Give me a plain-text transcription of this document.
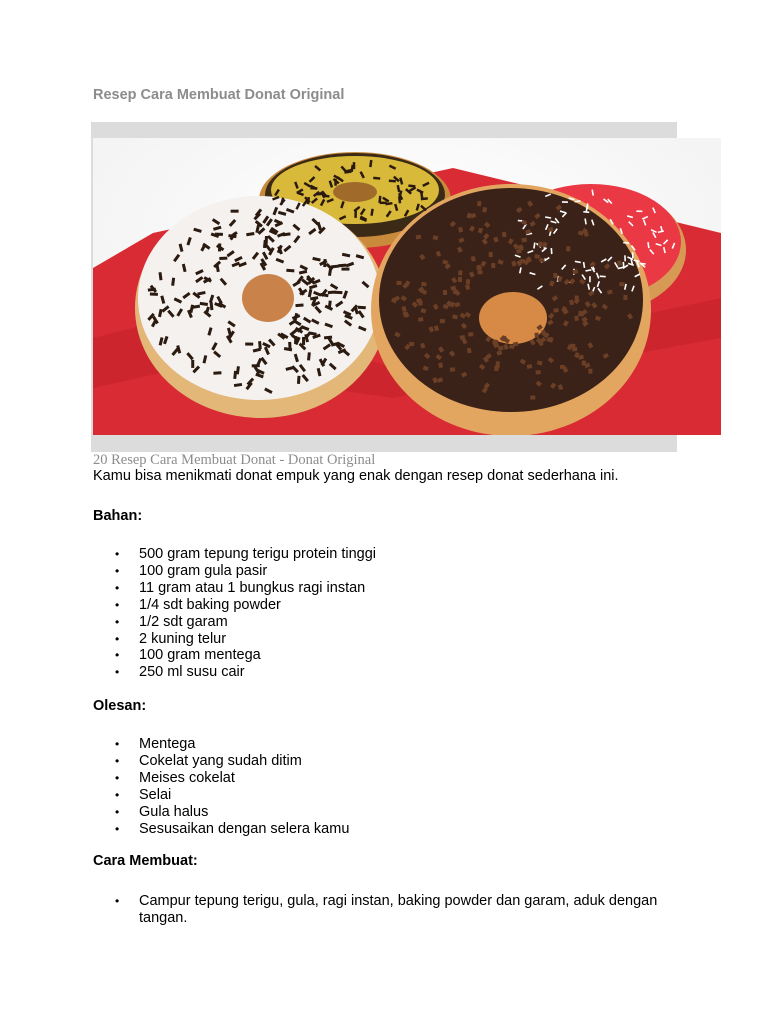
Resep Cara Membuat Donat Original
20 Resep Cara Membuat Donat - Donat Original
Kamu bisa menikmati donat empuk yang enak dengan resep donat sederhana ini.
Bahan:
• 500 gram tepung terigu protein tinggi
• 100 gram gula pasir
• 11 gram atau 1 bungkus ragi instan
• 1/4 sdt baking powder
• 1/2 sdt garam
• 2 kuning telur
• 100 gram mentega
• 250 ml susu cair
Olesan:
• Mentega
• Cokelat yang sudah ditim
• Meises cokelat
• Selai
• Gula halus
• Sesusaikan dengan selera kamu
Cara Membuat:
• Campur tepung terigu, gula, ragi instan, baking powder dan garam, aduk dengan tangan.
